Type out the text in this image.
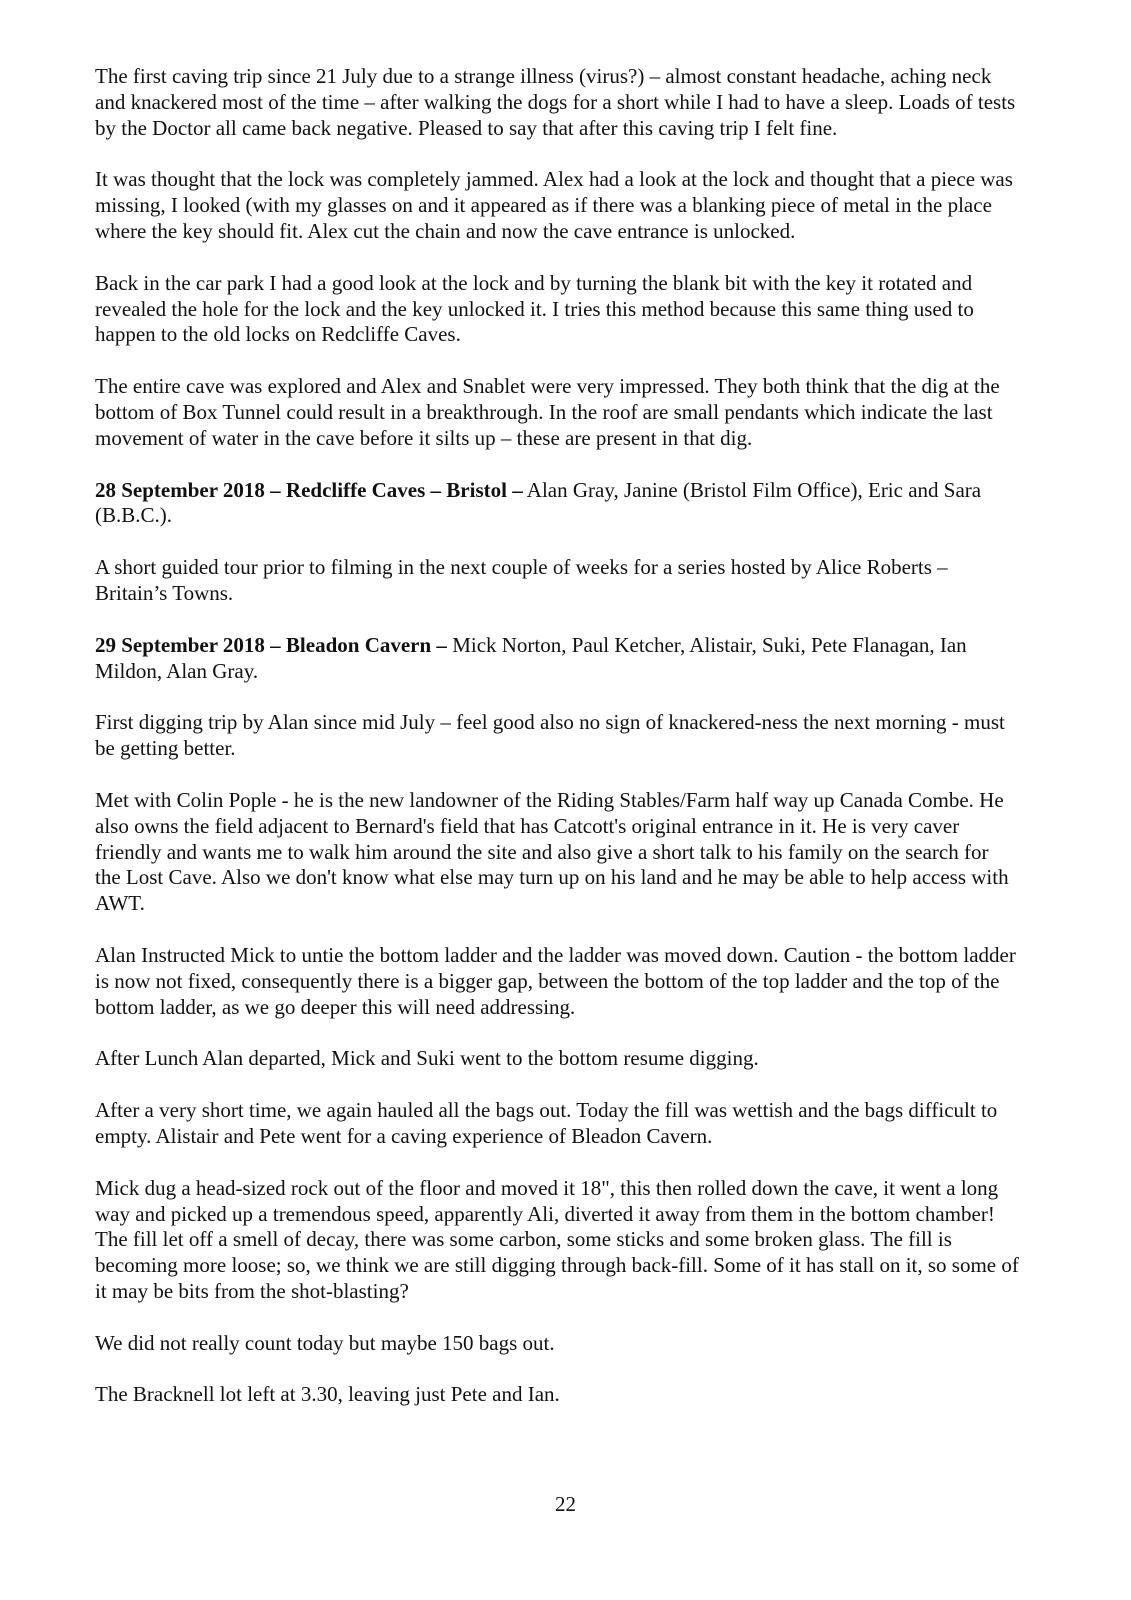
The first caving trip since 21 July due to a strange illness (virus?) – almost constant headache, aching neck and knackered most of the time – after walking the dogs for a short while I had to have a sleep. Loads of tests by the Doctor all came back negative. Pleased to say that after this caving trip I felt fine.

It was thought that the lock was completely jammed. Alex had a look at the lock and thought that a piece was missing, I looked (with my glasses on and it appeared as if there was a blanking piece of metal in the place where the key should fit. Alex cut the chain and now the cave entrance is unlocked.

Back in the car park I had a good look at the lock and by turning the blank bit with the key it rotated and revealed the hole for the lock and the key unlocked it. I tries this method because this same thing used to happen to the old locks on Redcliffe Caves.

The entire cave was explored and Alex and Snablet were very impressed. They both think that the dig at the bottom of Box Tunnel could result in a breakthrough. In the roof are small pendants which indicate the last movement of water in the cave before it silts up – these are present in that dig.

28 September 2018 – Redcliffe Caves – Bristol – Alan Gray, Janine (Bristol Film Office), Eric and Sara (B.B.C.).

A short guided tour prior to filming in the next couple of weeks for a series hosted by Alice Roberts – Britain’s Towns.

29 September 2018 – Bleadon Cavern – Mick Norton, Paul Ketcher, Alistair, Suki, Pete Flanagan, Ian Mildon, Alan Gray.

First digging trip by Alan since mid July – feel good also no sign of knackered-ness the next morning - must be getting better.

Met with Colin Pople - he is the new landowner of the Riding Stables/Farm half way up Canada Combe. He also owns the field adjacent to Bernard's field that has Catcott's original entrance in it. He is very caver friendly and wants me to walk him around the site and also give a short talk to his family on the search for the Lost Cave. Also we don't know what else may turn up on his land and he may be able to help access with AWT.

Alan Instructed Mick to untie the bottom ladder and the ladder was moved down. Caution - the bottom ladder is now not fixed, consequently there is a bigger gap, between the bottom of the top ladder and the top of the bottom ladder, as we go deeper this will need addressing.

After Lunch Alan departed, Mick and Suki went to the bottom resume digging.

After a very short time, we again hauled all the bags out. Today the fill was wettish and the bags difficult to empty. Alistair and Pete went for a caving experience of Bleadon Cavern.

Mick dug a head-sized rock out of the floor and moved it 18", this then rolled down the cave, it went a long way and picked up a tremendous speed, apparently Ali, diverted it away from them in the bottom chamber! The fill let off a smell of decay, there was some carbon, some sticks and some broken glass. The fill is becoming more loose; so, we think we are still digging through back-fill. Some of it has stall on it, so some of it may be bits from the shot-blasting?

We did not really count today but maybe 150 bags out.

The Bracknell lot left at 3.30, leaving just Pete and Ian.

22
